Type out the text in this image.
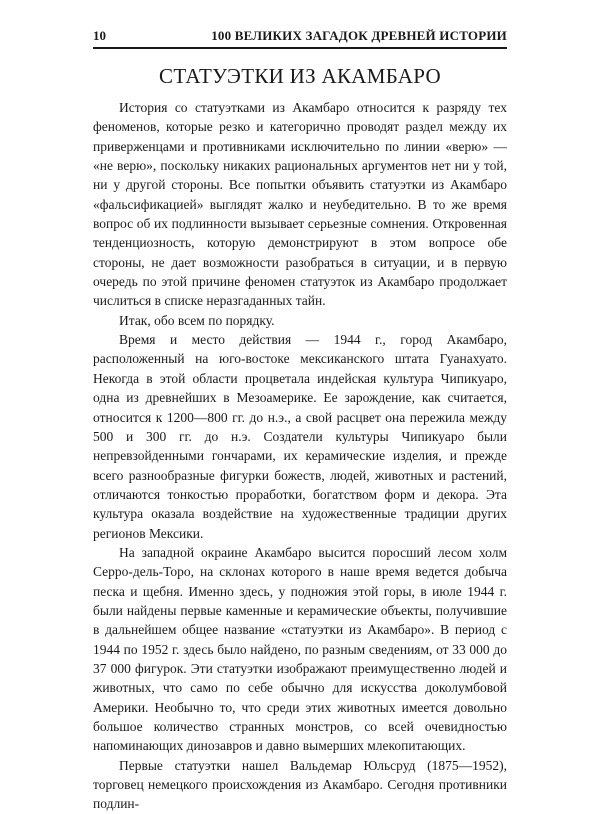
10	100 ВЕЛИКИХ ЗАГАДОК ДРЕВНЕЙ ИСТОРИИ
СТАТУЭТКИ ИЗ АКАМБАРО

История со статуэтками из Акамбаро относится к разряду тех феноменов, которые резко и категорично проводят раздел между их приверженцами и противниками исключительно по линии «верю» — «не верю», поскольку никаких рациональных аргументов нет ни у той, ни у другой стороны. Все попытки объявить статуэтки из Акамбаро «фальсификацией» выглядят жалко и неубедительно. В то же время вопрос об их подлинности вызывает серьезные сомнения. Откровенная тенденциозность, которую демонстрируют в этом вопросе обе стороны, не дает возможности разобраться в ситуации, и в первую очередь по этой причине феномен статуэток из Акамбаро продолжает числиться в списке неразгаданных тайн.

Итак, обо всем по порядку.

Время и место действия — 1944 г., город Акамбаро, расположенный на юго-востоке мексиканского штата Гуанахуато. Некогда в этой области процветала индейская культура Чипикуаро, одна из древнейших в Мезоамерике. Ее зарождение, как считается, относится к 1200—800 гг. до н.э., а свой расцвет она пережила между 500 и 300 гг. до н.э. Создатели культуры Чипикуаро были непревзойденными гончарами, их керамические изделия, и прежде всего разнообразные фигурки божеств, людей, животных и растений, отличаются тонкостью проработки, богатством форм и декора. Эта культура оказала воздействие на художественные традиции других регионов Мексики.

На западной окраине Акамбаро высится поросший лесом холм Серро-дель-Торо, на склонах которого в наше время ведется добыча песка и щебня. Именно здесь, у подножия этой горы, в июле 1944 г. были найдены первые каменные и керамические объекты, получившие в дальнейшем общее название «статуэтки из Акамбаро». В период с 1944 по 1952 г. здесь было найдено, по разным сведениям, от 33 000 до 37 000 фигурок. Эти статуэтки изображают преимущественно людей и животных, что само по себе обычно для искусства доколумбовой Америки. Необычно то, что среди этих животных имеется довольно большое количество странных монстров, со всей очевидностью напоминающих динозавров и давно вымерших млекопитающих.

Первые статуэтки нашел Вальдемар Юльсруд (1875—1952), торговец немецкого происхождения из Акамбаро. Сегодня противники подлин-
